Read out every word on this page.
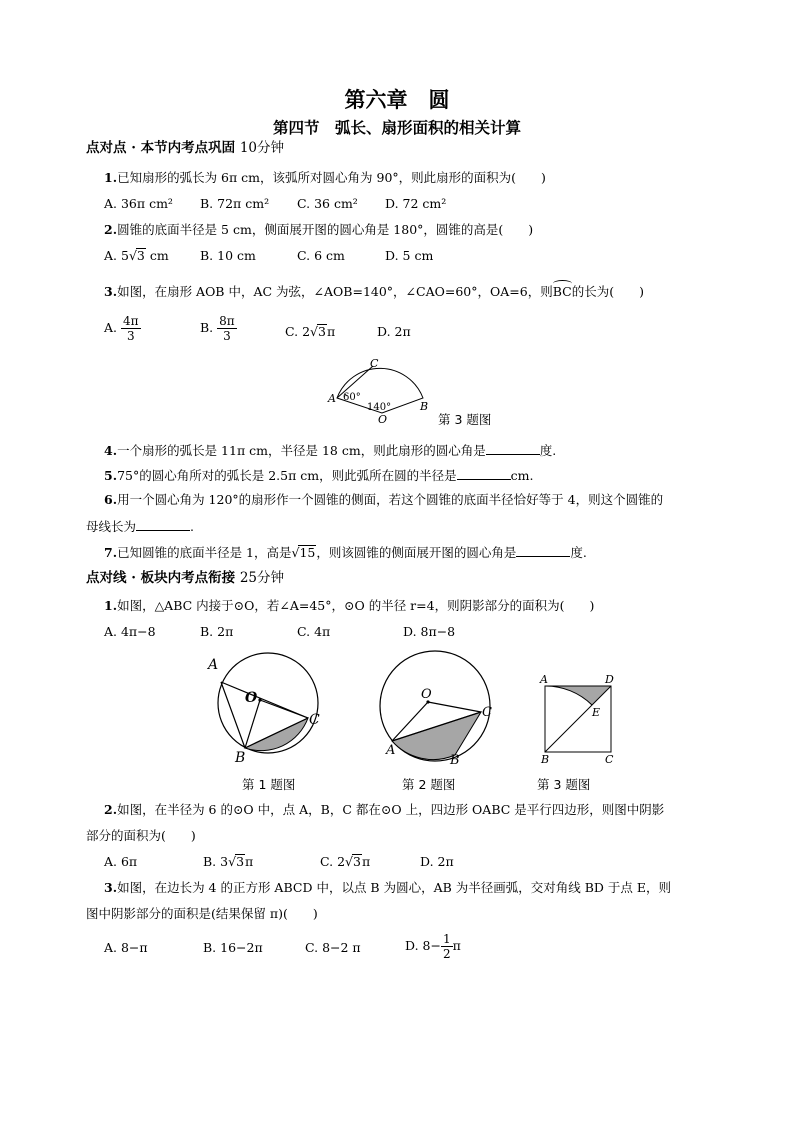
第六章　圆
第四节　弧长、扇形面积的相关计算
点对点 · 本节内考点巩固 10分钟
1.已知扇形的弧长为 6π cm，该弧所对圆心角为 90°，则此扇形的面积为(　　)
A. 36π cm² B. 72π cm² C. 36 cm² D. 72 cm²
2.圆锥的底面半径是 5 cm，侧面展开图的圆心角是 180°，圆锥的高是(　　)
A. 5√3 cm	B. 10 cm	C. 6 cm	D. 5 cm
3.如图，在扇形 AOB 中，AC 为弦，∠AOB=140°，∠CAO=60°，OA=6，则
BC的长为(　　)
A. $\frac{4\pi}{3}$	B. $\frac{8\pi}{3}$	C. 2√3π	D. 2π
C
A
O
B
60°
140°
第 3 题图
4.一个扇形的弧长是 11π cm，半径是 18 cm，则此扇形的圆心角是	度.
5.75°的圆心角所对的弧长是 2.5π cm，则此弧所在圆的半径是	cm.
6.用一个圆心角为 120°的扇形作一个圆锥的侧面，若这个圆锥的底面半径恰好等于 4，则这个圆锥的
母线长为	.
7.已知圆锥的底面半径是 1，高是√15，则该圆锥的侧面展开图的圆心角是	度.
点对线 · 板块内考点衔接 25分钟
1.如图，△ABC 内接于⊙O，若∠A=45°，⊙O 的半径 r=4，则阴影部分的面积为(　　)
A. 4π−8	B. 2π	C. 4π	D. 8π−8
A
O
B
C
第 1 题图
O
A
B
C
第 2 题图
A	D
E
B	C
第 3 题图
2.如图，在半径为 6 的⊙O 中，点 A，B，C 都在⊙O 上，四边形 OABC 是平行四边形，则图中阴影
部分的面积为(　　)
A. 6π	B. 3√3π	C. 2√3π	D. 2π
3.如图，在边长为 4 的正方形 ABCD 中，以点 B 为圆心，AB 为半径画弧，交对角线 BD 于点 E，则
图中阴影部分的面积是(结果保留 π)(　　)
A. 8−π	B. 16−2π	C. 8−2 π	D. $8- \frac{1}{2}$ π
